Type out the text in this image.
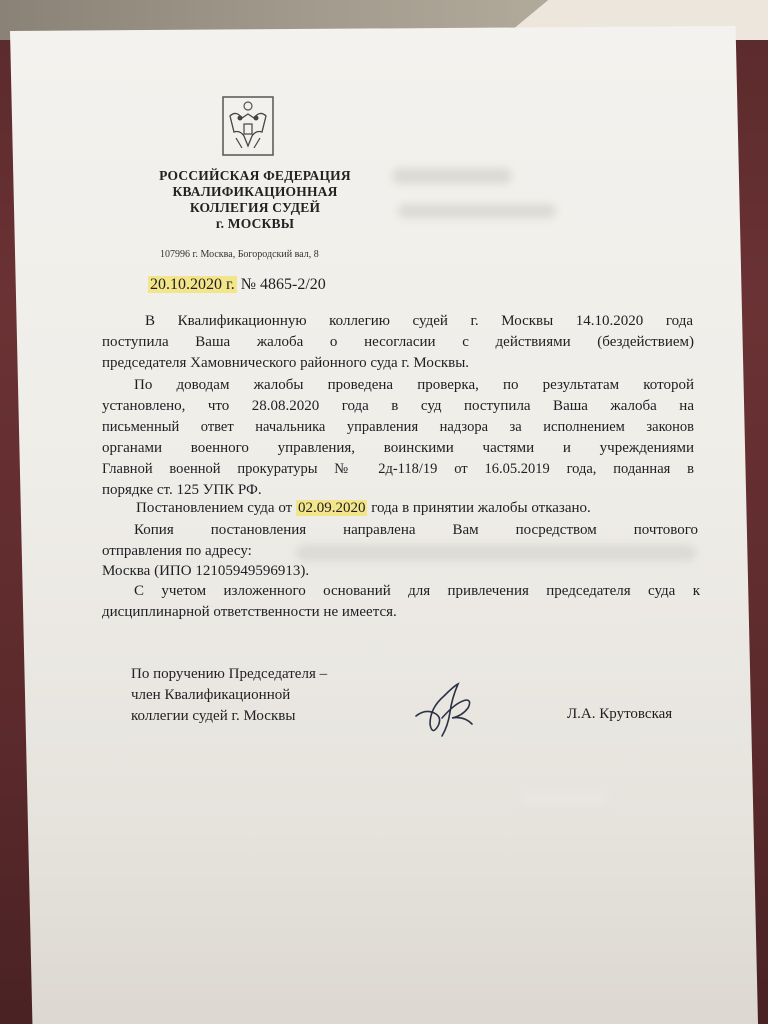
РОССИЙСКАЯ ФЕДЕРАЦИЯ
КВАЛИФИКАЦИОННАЯ
КОЛЛЕГИЯ СУДЕЙ
г. МОСКВЫ
107996 г. Москва, Богородский вал, 8
20.10.2020 г. № 4865-2/20
В Квалификационную коллегию судей г. Москвы 14.10.2020 года
поступила Ваша жалоба о несогласии с действиями (бездействием)
председателя Хамовнического районного суда г. Москвы.
По доводам жалобы проведена проверка, по результатам которой
установлено, что 28.08.2020 года в суд поступила Ваша жалоба на
письменный ответ начальника управления надзора за исполнением законов
органами военного управления, воинскими частями и учреждениями
Главной военной прокуратуры № 2д-118/19 от 16.05.2019 года, поданная в
порядке ст. 125 УПК РФ.
Постановлением суда от 02.09.2020 года в принятии жалобы отказано.
Копия постановления направлена Вам посредством почтового
отправления по адресу:
Москва (ИПО 12105949596913).
С учетом изложенного оснований для привлечения председателя суда к
дисциплинарной ответственности не имеется.
По поручению Председателя –
член Квалификационной
коллегии судей г. Москвы	Л.А. Крутовская
